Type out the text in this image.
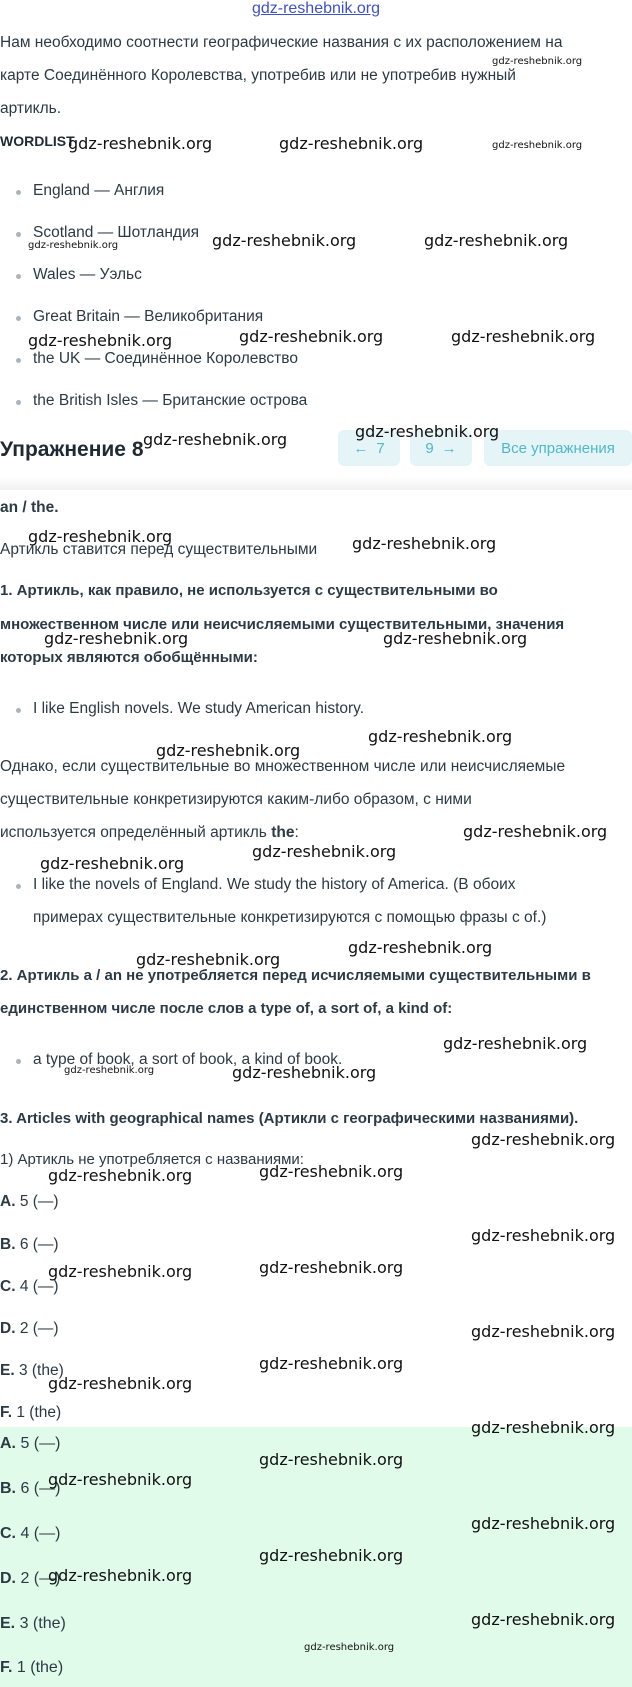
gdz-reshebnik.org
Нам необходимо соотнести географические названия с их расположением на
карте Соединённого Королевства, употребив или не употребив нужный
артикль.
WORDLIST
England — Англия
Scotland — Шотландия
Wales — Уэльс
Great Britain — Великобритания
the UK — Соединённое Королевство
the British Isles — Британские острова
Упражнение 8	← 7	9 →	Все упражнения
an / the.
Артикль ставится перед существительными
1. Артикль, как правило, не используется с существительными во
множественном числе или неисчисляемыми существительными, значения
которых являются обобщёнными:
I like English novels. We study American history.
Однако, если существительные во множественном числе или неисчисляемые
существительные конкретизируются каким-либо образом, с ними
используется определённый артикль the:
I like the novels of England. We study the history of America. (В обоих
примерах существительные конкретизируются с помощью фразы с of.)
2. Артикль a / an не употребляется перед исчисляемыми существительными в
единственном числе после слов a type of, a sort of, a kind of:
a type of book, a sort of book, a kind of book.
3. Articles with geographical names (Артикли с географическими названиями).
1) Артикль не употребляется с названиями:
A. 5 (—)
B. 6 (—)
C. 4 (—)
D. 2 (—)
E. 3 (the)
F. 1 (the)
A. 5 (—)
B. 6 (—)
C. 4 (—)
D. 2 (—)
E. 3 (the)
F. 1 (the)
gdz-reshebnik.org
gdz-reshebnik.org	gdz-reshebnik.org	gdz-reshebnik.org
gdz-reshebnik.org	gdz-reshebnik.org
gdz-reshebnik.org
gdz-reshebnik.org	gdz-reshebnik.org
gdz-reshebnik.org
gdz-reshebnik.org
gdz-reshebnik.org
gdz-reshebnik.org	gdz-reshebnik.org
gdz-reshebnik.org	gdz-reshebnik.org
gdz-reshebnik.org
gdz-reshebnik.org
gdz-reshebnik.org
gdz-reshebnik.org
gdz-reshebnik.org
gdz-reshebnik.org
gdz-reshebnik.org
gdz-reshebnik.org
gdz-reshebnik.org	gdz-reshebnik.org
gdz-reshebnik.org
gdz-reshebnik.org
gdz-reshebnik.org
gdz-reshebnik.org
gdz-reshebnik.org
gdz-reshebnik.org
gdz-reshebnik.org
gdz-reshebnik.org
gdz-reshebnik.org
gdz-reshebnik.org
gdz-reshebnik.org
gdz-reshebnik.org
gdz-reshebnik.org
gdz-reshebnik.org
gdz-reshebnik.org
gdz-reshebnik.org
gdz-reshebnik.org
